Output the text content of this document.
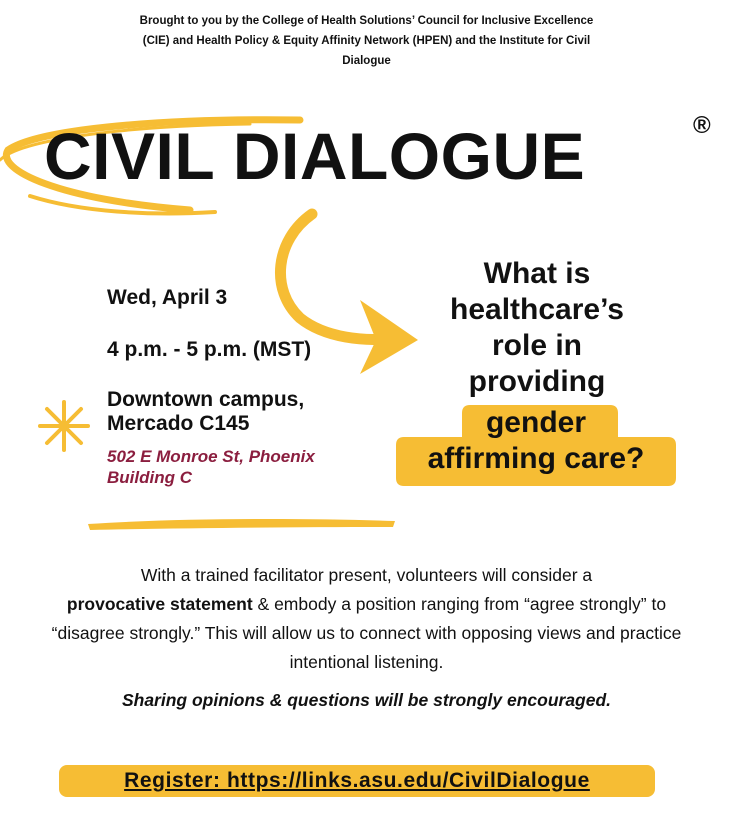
Brought to you by the College of Health Solutions’ Council for Inclusive Excellence
(CIE) and Health Policy & Equity Affinity Network (HPEN) and the Institute for Civil
Dialogue
CIVIL DIALOGUE	®
Wed, April 3
4 p.m. - 5 p.m. (MST)
Downtown campus,
Mercado C145
502 E Monroe St, Phoenix
Building C
What is
healthcare’s
role in
providing
gender
affirming care?
With a trained facilitator present, volunteers will consider a
provocative statement & embody a position ranging from “agree strongly” to “disagree strongly.” This will allow us to connect with opposing views and practice intentional listening.
Sharing opinions & questions will be strongly encouraged.
Register: https://links.asu.edu/CivilDialogue
